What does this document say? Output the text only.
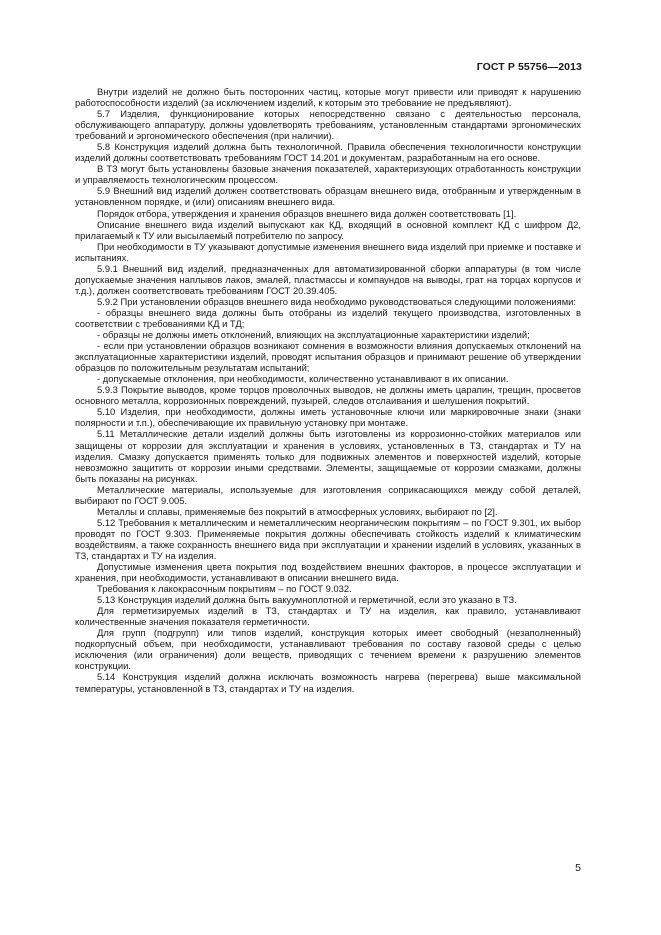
ГОСТ Р 55756—2013

Внутри изделий не должно быть посторонних частиц, которые могут привести или приводят к нарушению работоспособности изделий (за исключением изделий, к которым это требование не предъявляют).

5.7 Изделия, функционирование которых непосредственно связано с деятельностью персонала, обслуживающего аппаратуру, должны удовлетворять требованиям, установленным стандартами эргономических требований и эргономического обеспечения (при наличии).

5.8 Конструкция изделий должна быть технологичной. Правила обеспечения технологичности конструкции изделий должны соответствовать требованиям ГОСТ 14.201 и документам, разработанным на его основе.

В ТЗ могут быть установлены базовые значения показателей, характеризующих отработанность конструкции и управляемость технологическим процессом.

5.9 Внешний вид изделий должен соответствовать образцам внешнего вида, отобранным и утвержденным в установленном порядке, и (или) описаниям внешнего вида.

Порядок отбора, утверждения и хранения образцов внешнего вида должен соответствовать [1].

Описание внешнего вида изделий выпускают как КД, входящий в основной комплект КД с шифром Д2, прилагаемый к ТУ или высылаемый потребителю по запросу.

При необходимости в ТУ указывают допустимые изменения внешнего вида изделий при приемке и поставке и испытаниях.

5.9.1 Внешний вид изделий, предназначенных для автоматизированной сборки аппаратуры (в том числе допускаемые значения наплывов лаков, эмалей, пластмассы и компаундов на выводы, грат на торцах корпусов и т.д.), должен соответствовать требованиям ГОСТ 20.39.405.

5.9.2 При установлении образцов внешнего вида необходимо руководствоваться следующими положениями:

- образцы внешнего вида должны быть отобраны из изделий текущего производства, изготовленных в соответствии с требованиями КД и ТД;

- образцы не должны иметь отклонений, влияющих на эксплуатационные характеристики изделий;

- если при установлении образцов возникают сомнения в возможности влияния допускаемых отклонений на эксплуатационные характеристики изделий, проводят испытания образцов и принимают решение об утверждении образцов по положительным результатам испытаний;

- допускаемые отклонения, при необходимости, количественно устанавливают в их описании.

5.9.3 Покрытие выводов, кроме торцов проволочных выводов, не должны иметь царапин, трещин, просветов основного металла, коррозионных повреждений, пузырей, следов отслаивания и шелушения покрытий.

5.10 Изделия, при необходимости, должны иметь установочные ключи или маркировочные знаки (знаки полярности и т.п.), обеспечивающие их правильную установку при монтаже.

5.11 Металлические детали изделий должны быть изготовлены из коррозионно-стойких материалов или защищены от коррозии для эксплуатации и хранения в условиях, установленных в ТЗ, стандартах и ТУ на изделия. Смазку допускается применять только для подвижных элементов и поверхностей изделий, которые невозможно защитить от коррозии иными средствами. Элементы, защищаемые от коррозии смазками, должны быть показаны на рисунках.

Металлические материалы, используемые для изготовления соприкасающихся между собой деталей, выбирают по ГОСТ 9.005.

Металлы и сплавы, применяемые без покрытий в атмосферных условиях, выбирают по [2].

5.12 Требования к металлическим и неметаллическим неорганическим покрытиям – по ГОСТ 9.301, их выбор проводят по ГОСТ 9.303. Применяемые покрытия должны обеспечивать стойкость изделий к климатическим воздействиям, а также сохранность внешнего вида при эксплуатации и хранении изделий в условиях, указанных в ТЗ, стандартах и ТУ на изделия.

Допустимые изменения цвета покрытия под воздействием внешних факторов, в процессе эксплуатации и хранения, при необходимости, устанавливают в описании внешнего вида.

Требования к лакокрасочным покрытиям – по ГОСТ 9.032.

5.13 Конструкция изделий должна быть вакуумноплотной и герметичной, если это указано в ТЗ.

Для герметизируемых изделий в ТЗ, стандартах и ТУ на изделия, как правило, устанавливают количественные значения показателя герметичности.

Для групп (подгрупп) или типов изделий, конструкция которых имеет свободный (незаполненный) подкорпусный объем, при необходимости, устанавливают требования по составу газовой среды с целью исключения (или ограничения) доли веществ, приводящих с течением времени к разрушению элементов конструкции.

5.14 Конструкция изделий должна исключать возможность нагрева (перегрева) выше максимальной температуры, установленной в ТЗ, стандартах и ТУ на изделия.

5
